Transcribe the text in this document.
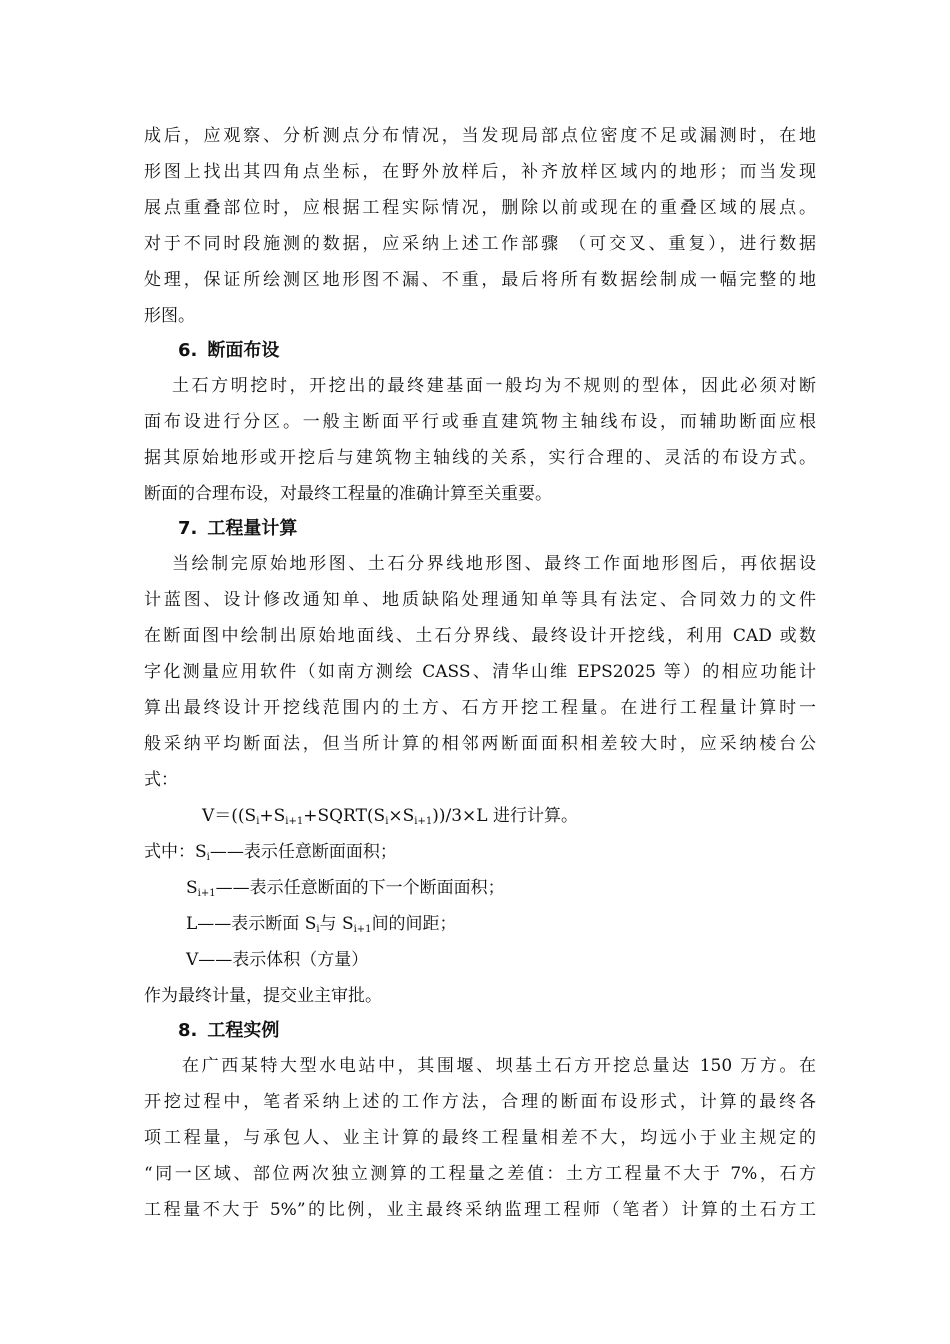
成后，应观察、分析测点分布情况，当发现局部点位密度不足或漏测时，在地
形图上找出其四角点坐标，在野外放样后，补齐放样区域内的地形；而当发现
展点重叠部位时，应根据工程实际情况，删除以前或现在的重叠区域的展点。
对于不同时段施测的数据，应采纳上述工作部骤 （可交叉、重复），进行数据
处理，保证所绘测区地形图不漏、不重，最后将所有数据绘制成一幅完整的地
形图。
6. 断面布设
土石方明挖时，开挖出的最终建基面一般均为不规则的型体，因此必须对断
面布设进行分区。一般主断面平行或垂直建筑物主轴线布设，而辅助断面应根
据其原始地形或开挖后与建筑物主轴线的关系，实行合理的、灵活的布设方式。
断面的合理布设，对最终工程量的准确计算至关重要。
7. 工程量计算
当绘制完原始地形图、土石分界线地形图、最终工作面地形图后，再依据设
计蓝图、设计修改通知单、地质缺陷处理通知单等具有法定、合同效力的文件
在断面图中绘制出原始地面线、土石分界线、最终设计开挖线，利用 CAD 或数
字化测量应用软件（如南方测绘 CASS、清华山维 EPS2025 等）的相应功能计
算出最终设计开挖线范围内的土方、石方开挖工程量。在进行工程量计算时一
般采纳平均断面法，但当所计算的相邻两断面面积相差较大时，应采纳棱台公
式：
$V=((S_i+S_{i+1}+SQRT(S_i\times S_{i+1}))/3\times L$ 进行计算。
式中：$S_i——$表示任意断面面积；
$S_{i+1}——$表示任意断面的下一个断面面积；
L——表示断面 $S_i$与 $S_{i+1}$间的间距；
V——表示体积（方量）
作为最终计量，提交业主审批。
8. 工程实例
在广西某特大型水电站中，其围堰、坝基土石方开挖总量达 150 万方。在
开挖过程中，笔者采纳上述的工作方法，合理的断面布设形式，计算的最终各
项工程量，与承包人、业主计算的最终工程量相差不大，均远小于业主规定的
“同一区域、部位两次独立测算的工程量之差值：土方工程量不大于 7%，石方
工程量不大于 5%”的比例，业主最终采纳监理工程师（笔者）计算的土石方工
